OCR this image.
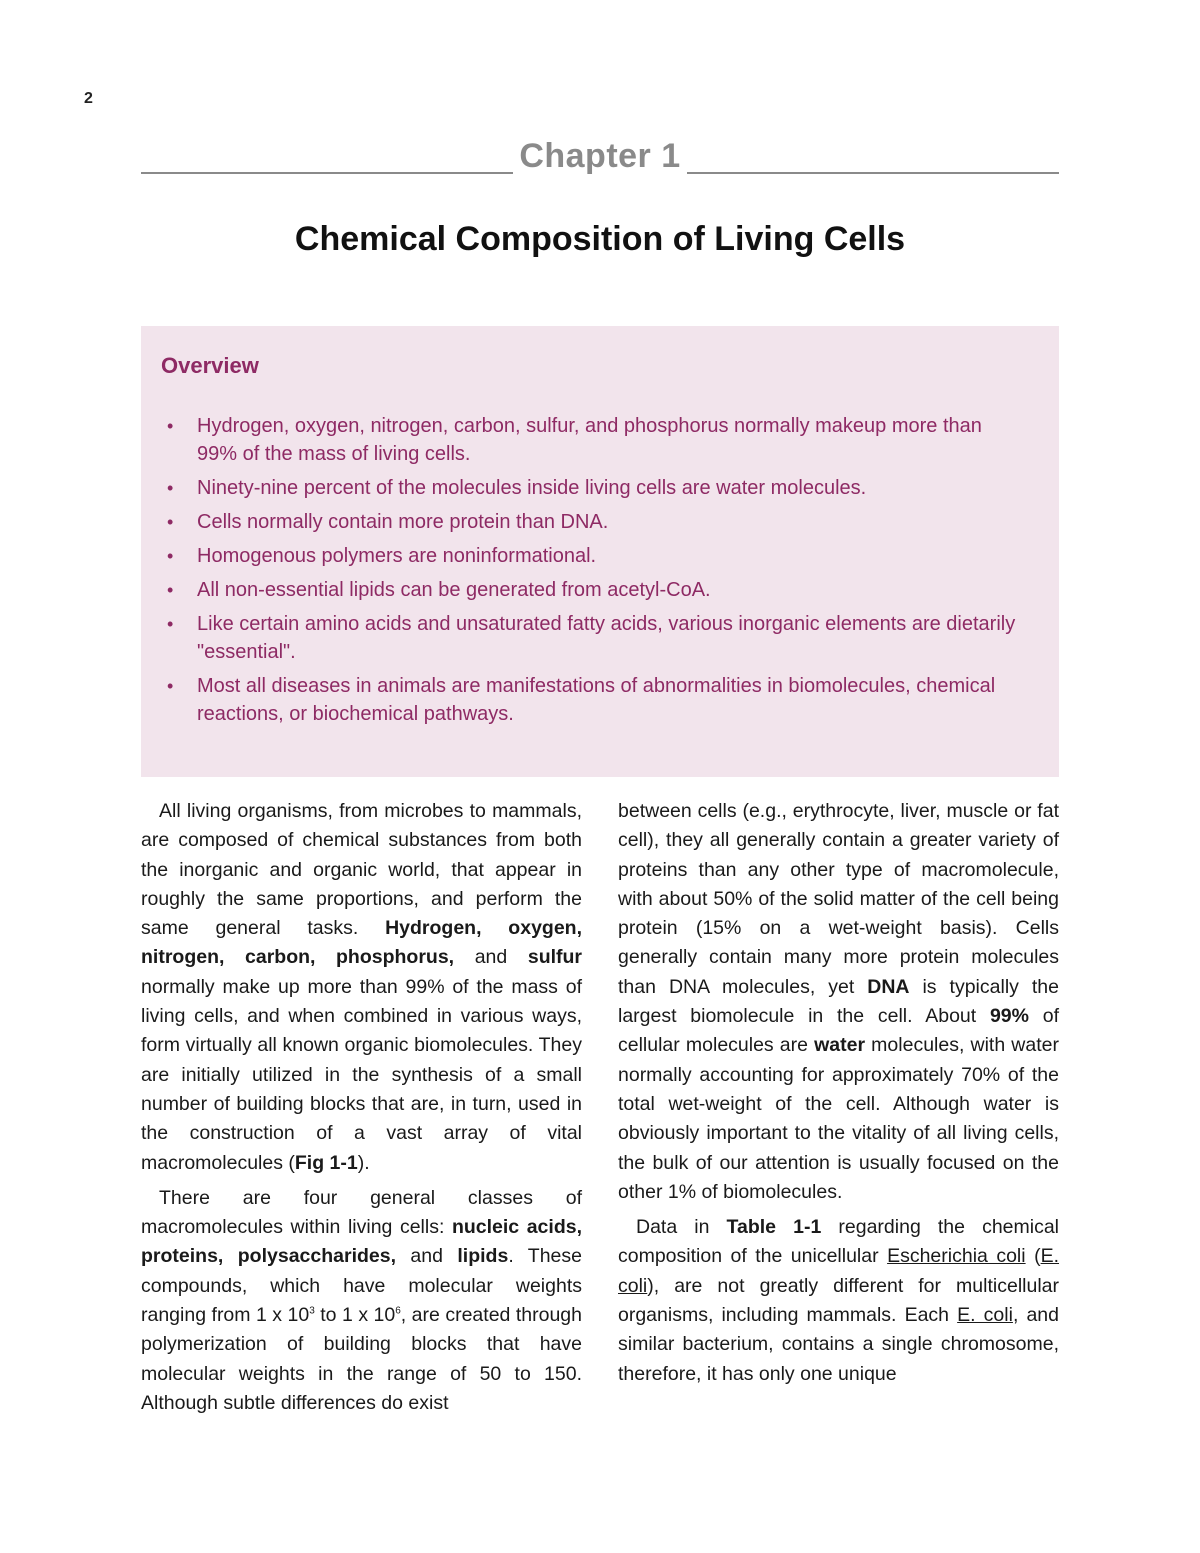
2
Chapter 1
Chemical Composition of Living Cells
Overview
• Hydrogen, oxygen, nitrogen, carbon, sulfur, and phosphorus normally makeup more than 99% of the mass of living cells.
• Ninety-nine percent of the molecules inside living cells are water molecules.
• Cells normally contain more protein than DNA.
• Homogenous polymers are noninformational.
• All non-essential lipids can be generated from acetyl-CoA.
• Like certain amino acids and unsaturated fatty acids, various inorganic elements are dietarily "essential".
• Most all diseases in animals are manifestations of abnormalities in biomolecules, chemical reactions, or biochemical pathways.

All living organisms, from microbes to mammals, are composed of chemical substances from both the inorganic and organic world, that appear in roughly the same proportions, and perform the same general tasks. Hydrogen, oxygen, nitrogen, carbon, phosphorus, and sulfur normally make up more than 99% of the mass of living cells, and when combined in various ways, form virtually all known organic biomolecules. They are initially utilized in the synthesis of a small number of building blocks that are, in turn, used in the construction of a vast array of vital macromolecules (Fig 1-1).

There are four general classes of macromolecules within living cells: nucleic acids, proteins, polysaccharides, and lipids. These compounds, which have molecular weights ranging from 1 x $10^3$ to 1 x $10^6$, are created through polymerization of building blocks that have molecular weights in the range of 50 to 150. Although subtle differences do exist

between cells (e.g., erythrocyte, liver, muscle or fat cell), they all generally contain a greater variety of proteins than any other type of macromolecule, with about 50% of the solid matter of the cell being protein (15% on a wet-weight basis). Cells generally contain many more protein molecules than DNA molecules, yet DNA is typically the largest biomolecule in the cell. About 99% of cellular molecules are water molecules, with water normally accounting for approximately 70% of the total wet-weight of the cell. Although water is obviously important to the vitality of all living cells, the bulk of our attention is usually focused on the other 1% of biomolecules.

Data in Table 1-1 regarding the chemical composition of the unicellular Escherichia coli (E. coli), are not greatly different for multicellular organisms, including mammals. Each E. coli, and similar bacterium, contains a single chromosome, therefore, it has only one unique
